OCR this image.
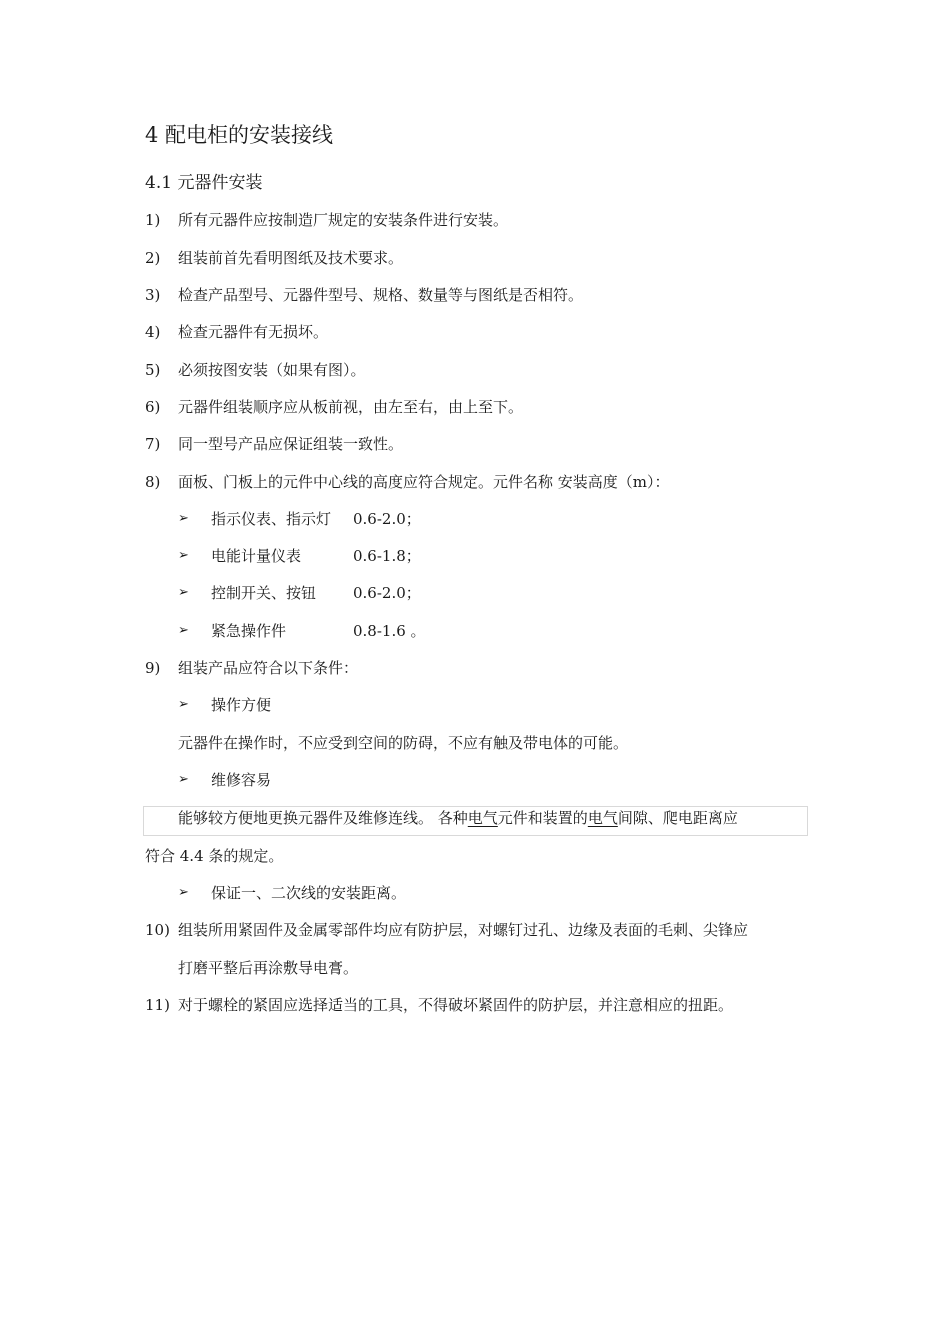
4 配电柜的安装接线
4.1 元器件安装
1) 所有元器件应按制造厂规定的安装条件进行安装。
2) 组装前首先看明图纸及技术要求。
3) 检查产品型号、元器件型号、规格、数量等与图纸是否相符。
4) 检查元器件有无损坏。
5) 必须按图安装（如果有图）。
6) 元器件组装顺序应从板前视，由左至右，由上至下。
7) 同一型号产品应保证组装一致性。
8) 面板、门板上的元件中心线的高度应符合规定。元件名称 安装高度（m）：
➢ 指示仪表、指示灯 0.6-2.0；
➢ 电能计量仪表	0.6-1.8；
➢ 控制开关、按钮 0.6-2.0；
➢ 紧急操作件	0.8-1.6 。
9) 组装产品应符合以下条件：
➢ 操作方便
元器件在操作时，不应受到空间的防碍，不应有触及带电体的可能。
➢ 维修容易
能够较方便地更换元器件及维修连线。 各种电气元件和装置的电气间隙、爬电距离应
符合 4.4 条的规定。
➢ 保证一、二次线的安装距离。
10) 组装所用紧固件及金属零部件均应有防护层，对螺钉过孔、边缘及表面的毛刺、尖锋应
打磨平整后再涂敷导电膏。
11) 对于螺栓的紧固应选择适当的工具，不得破坏紧固件的防护层，并注意相应的扭距。
